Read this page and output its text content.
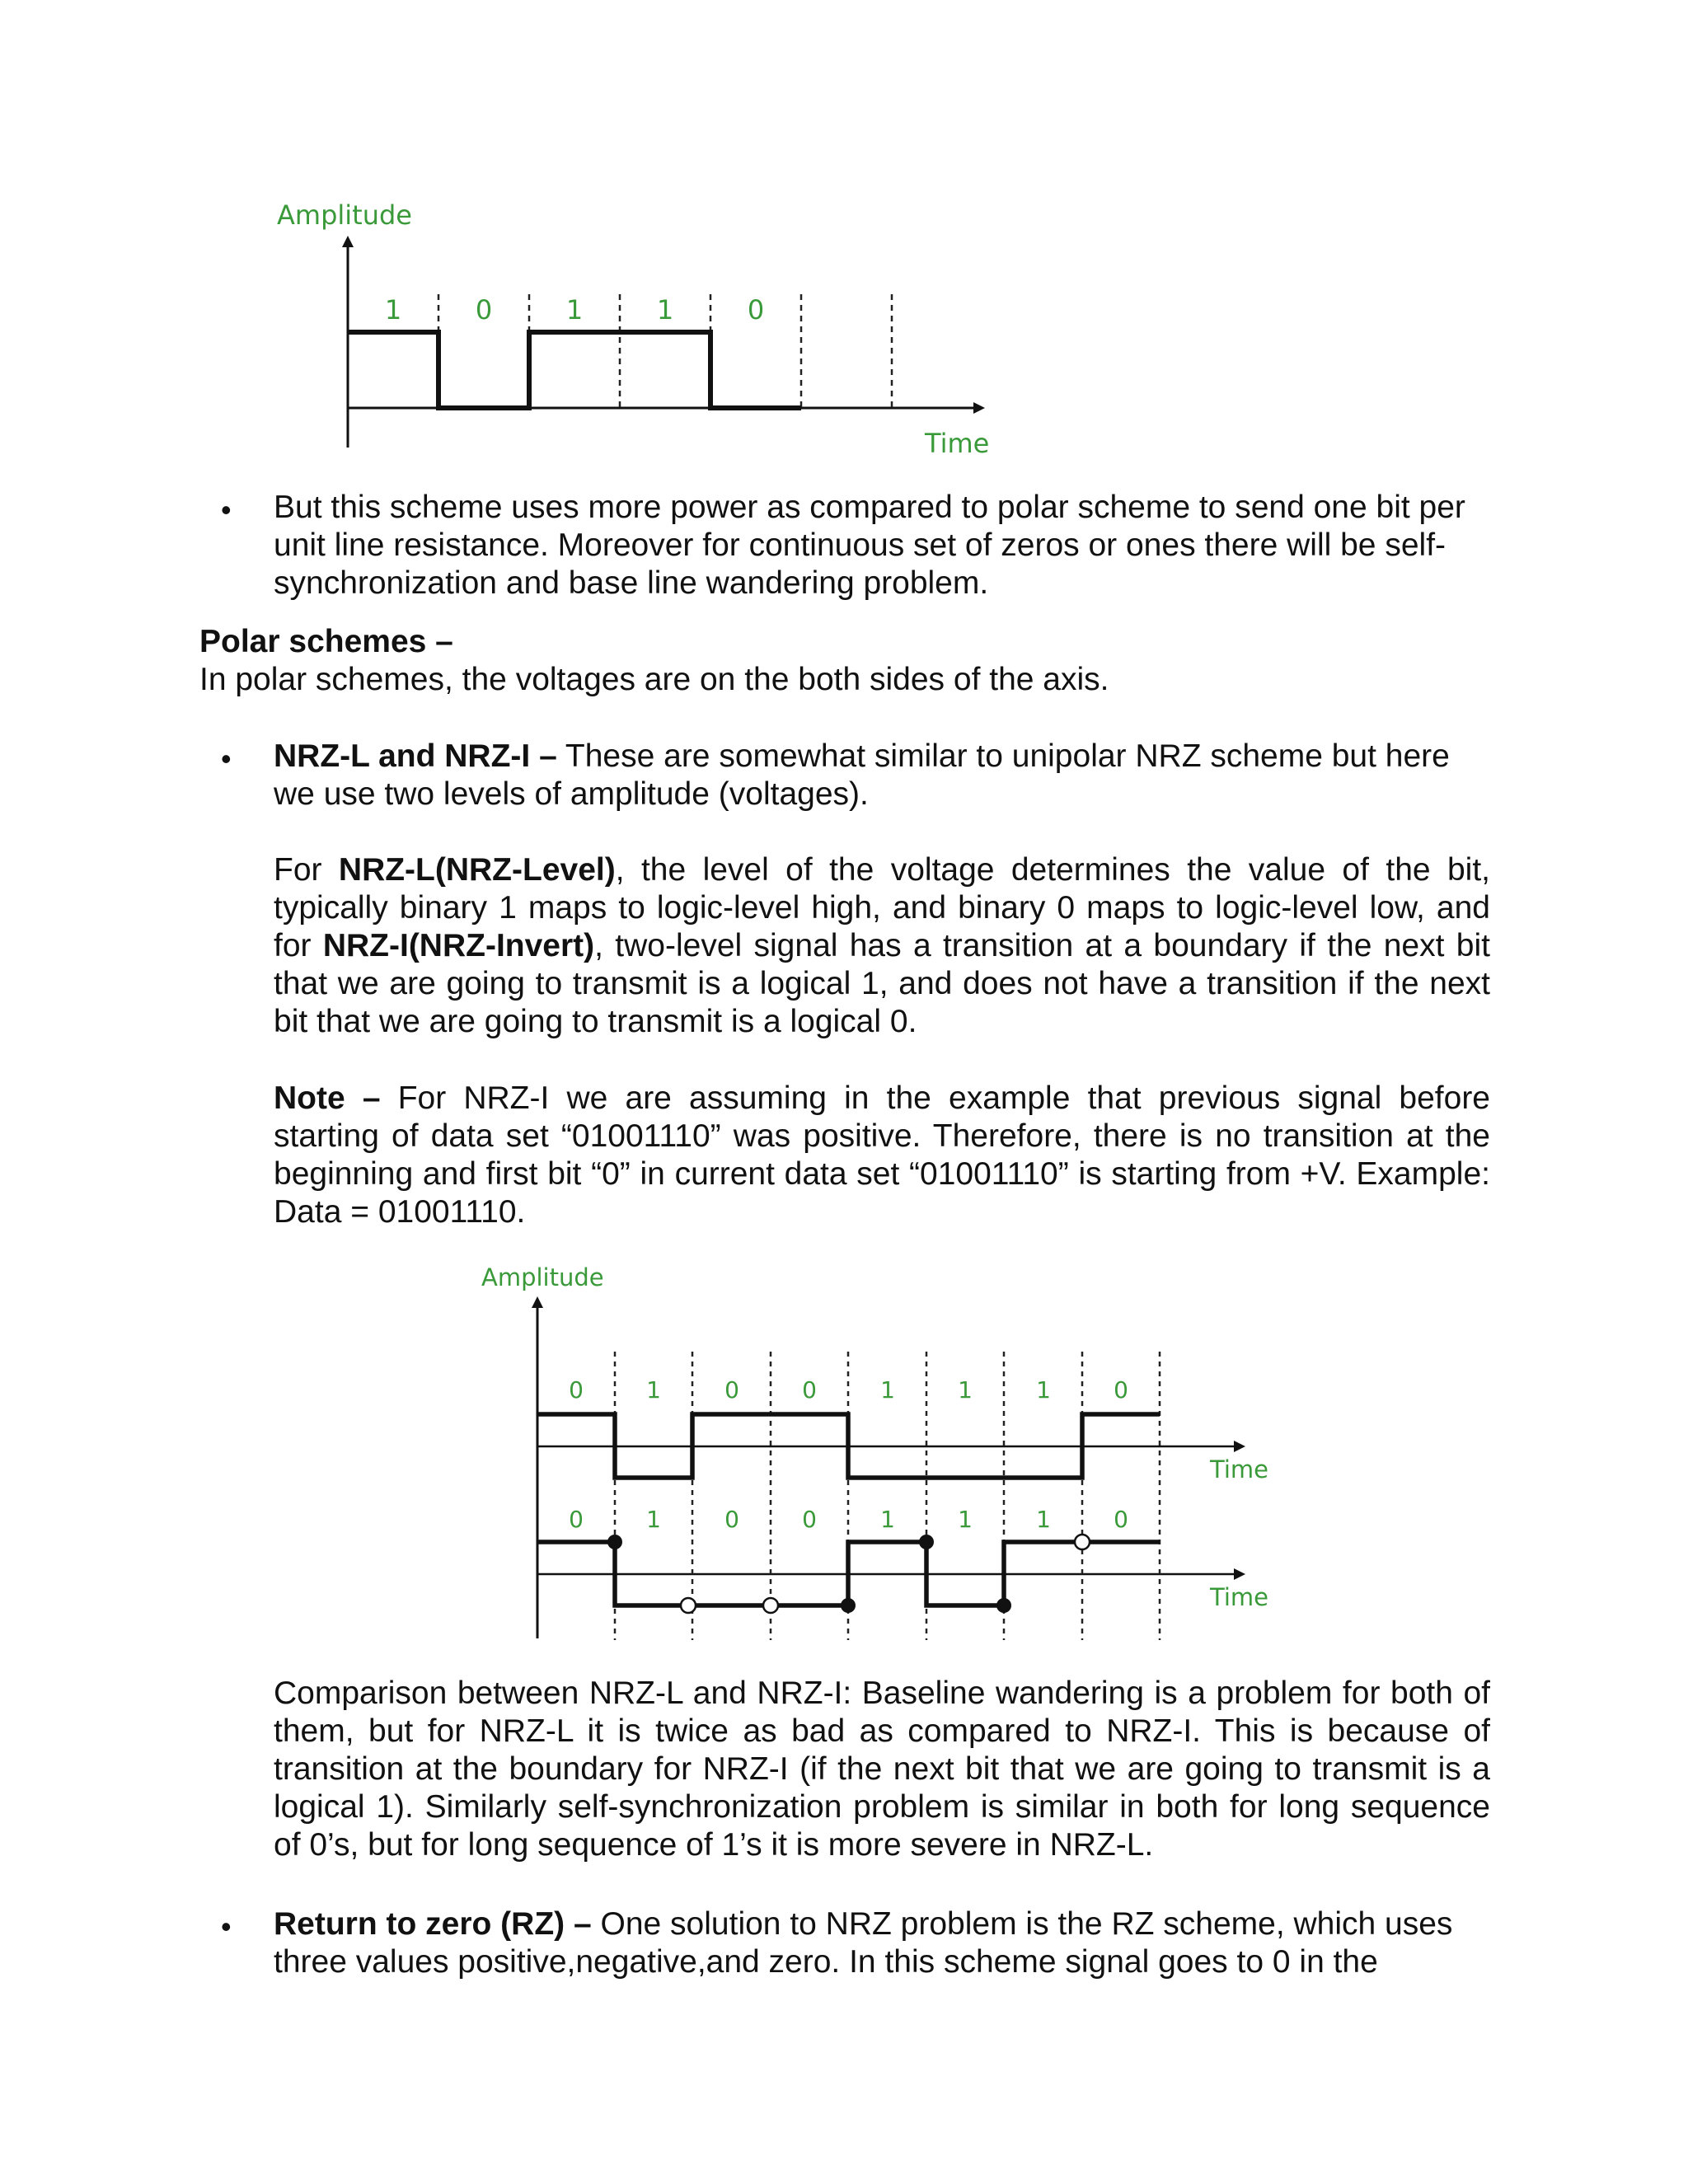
Amplitude
Time
1	0	1	1	0
• But this scheme uses more power as compared to polar scheme to send one bit per unit line resistance. Moreover for continuous set of zeros or ones there will be self-synchronization and base line wandering problem.

Polar schemes –

In polar schemes, the voltages are on the both sides of the axis.

• NRZ-L and NRZ-I – These are somewhat similar to unipolar NRZ scheme but here we use two levels of amplitude (voltages).

For NRZ-L(NRZ-Level), the level of the voltage determines the value of the bit, typically binary 1 maps to logic-level high, and binary 0 maps to logic-level low, and for NRZ-I(NRZ-Invert), two-level signal has a transition at a boundary if the next bit that we are going to transmit is a logical 1, and does not have a transition if the next bit that we are going to transmit is a logical 0.

Note – For NRZ-I we are assuming in the example that previous signal before starting of data set “01001110” was positive. Therefore, there is no transition at the beginning and first bit “0” in current data set “01001110” is starting from +V. Example: Data = 01001110.

Amplitude
Time
Time
0	1	0	0	1	1	1	0
0	1	0	0	1	1	1	0

Comparison between NRZ-L and NRZ-I: Baseline wandering is a problem for both of them, but for NRZ-L it is twice as bad as compared to NRZ-I. This is because of transition at the boundary for NRZ-I (if the next bit that we are going to transmit is a logical 1). Similarly self-synchronization problem is similar in both for long sequence of 0’s, but for long sequence of 1’s it is more severe in NRZ-L.

• Return to zero (RZ) – One solution to NRZ problem is the RZ scheme, which uses three values positive,negative,and zero. In this scheme signal goes to 0 in the
